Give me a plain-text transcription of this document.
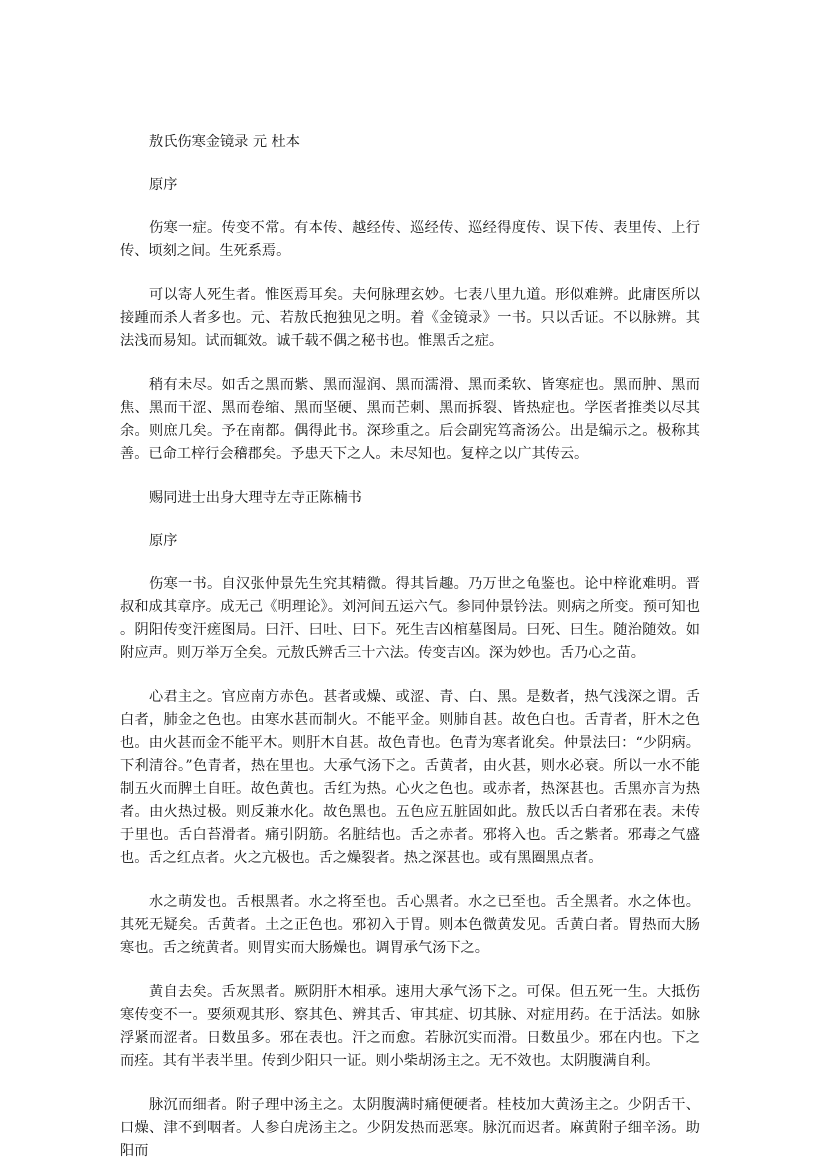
敖氏伤寒金镜录 元 杜本

原序

伤寒一症。传变不常。有本传、越经传、巡经传、巡经得度传、误下传、表里传、上行传、顷刻之间。生死系焉。

可以寄人死生者。惟医焉耳矣。夫何脉理玄妙。七表八里九道。形似难辨。此庸医所以接踵而杀人者多也。元、若敖氏抱独见之明。着《金镜录》一书。只以舌证。不以脉辨。其法浅而易知。试而辄效。诚千载不偶之秘书也。惟黑舌之症。

稍有未尽。如舌之黑而紫、黑而湿润、黑而濡滑、黑而柔软、皆寒症也。黑而肿、黑而焦、黑而干涩、黑而卷缩、黑而坚硬、黑而芒刺、黑而拆裂、皆热症也。学医者推类以尽其余。则庶几矣。予在南都。偶得此书。深珍重之。后会副宪笃斋汤公。出是编示之。极称其善。已命工梓行会稽郡矣。予患天下之人。未尽知也。复梓之以广其传云。

赐同进士出身大理寺左寺正陈楠书

原序

伤寒一书。自汉张仲景先生究其精微。得其旨趣。乃万世之龟鉴也。论中梓讹难明。晋叔和成其章序。成无己《明理论》。刘河间五运六气。参同仲景钤法。则病之所变。预可知也。阴阳传变汗瘥图局。曰汗、曰吐、曰下。死生吉凶棺墓图局。曰死、曰生。随治随效。如附应声。则万举万全矣。元敖氏辨舌三十六法。传变吉凶。深为妙也。舌乃心之苗。

心君主之。官应南方赤色。甚者或燥、或涩、青、白、黑。是数者，热气浅深之谓。舌白者，肺金之色也。由寒水甚而制火。不能平金。则肺自甚。故色白也。舌青者，肝木之色也。由火甚而金不能平木。则肝木自甚。故色青也。色青为寒者讹矣。仲景法曰：“少阴病。下利清谷。”色青者，热在里也。大承气汤下之。舌黄者，由火甚，则水必衰。所以一水不能制五火而脾土自旺。故色黄也。舌红为热。心火之色也。或赤者，热深甚也。舌黑亦言为热者。由火热过极。则反兼水化。故色黑也。五色应五脏固如此。敖氏以舌白者邪在表。未传于里也。舌白苔滑者。痛引阴筋。名脏结也。舌之赤者。邪将入也。舌之紫者。邪毒之气盛也。舌之红点者。火之亢极也。舌之燥裂者。热之深甚也。或有黑圈黑点者。

水之萌发也。舌根黑者。水之将至也。舌心黑者。水之已至也。舌全黑者。水之体也。其死无疑矣。舌黄者。土之正色也。邪初入于胃。则本色微黄发见。舌黄白者。胃热而大肠寒也。舌之统黄者。则胃实而大肠燥也。调胃承气汤下之。

黄自去矣。舌灰黑者。厥阴肝木相承。速用大承气汤下之。可保。但五死一生。大抵伤寒传变不一。要须观其形、察其色、辨其舌、审其症、切其脉、对症用药。在于活法。如脉浮紧而涩者。日数虽多。邪在表也。汗之而愈。若脉沉实而滑。日数虽少。邪在内也。下之而痊。其有半表半里。传到少阳只一证。则小柴胡汤主之。无不效也。太阴腹满自利。

脉沉而细者。附子理中汤主之。太阴腹满时痛便硬者。桂枝加大黄汤主之。少阴舌干、口燥、津不到咽者。人参白虎汤主之。少阴发热而恶寒。脉沉而迟者。麻黄附子细辛汤。助阳而
